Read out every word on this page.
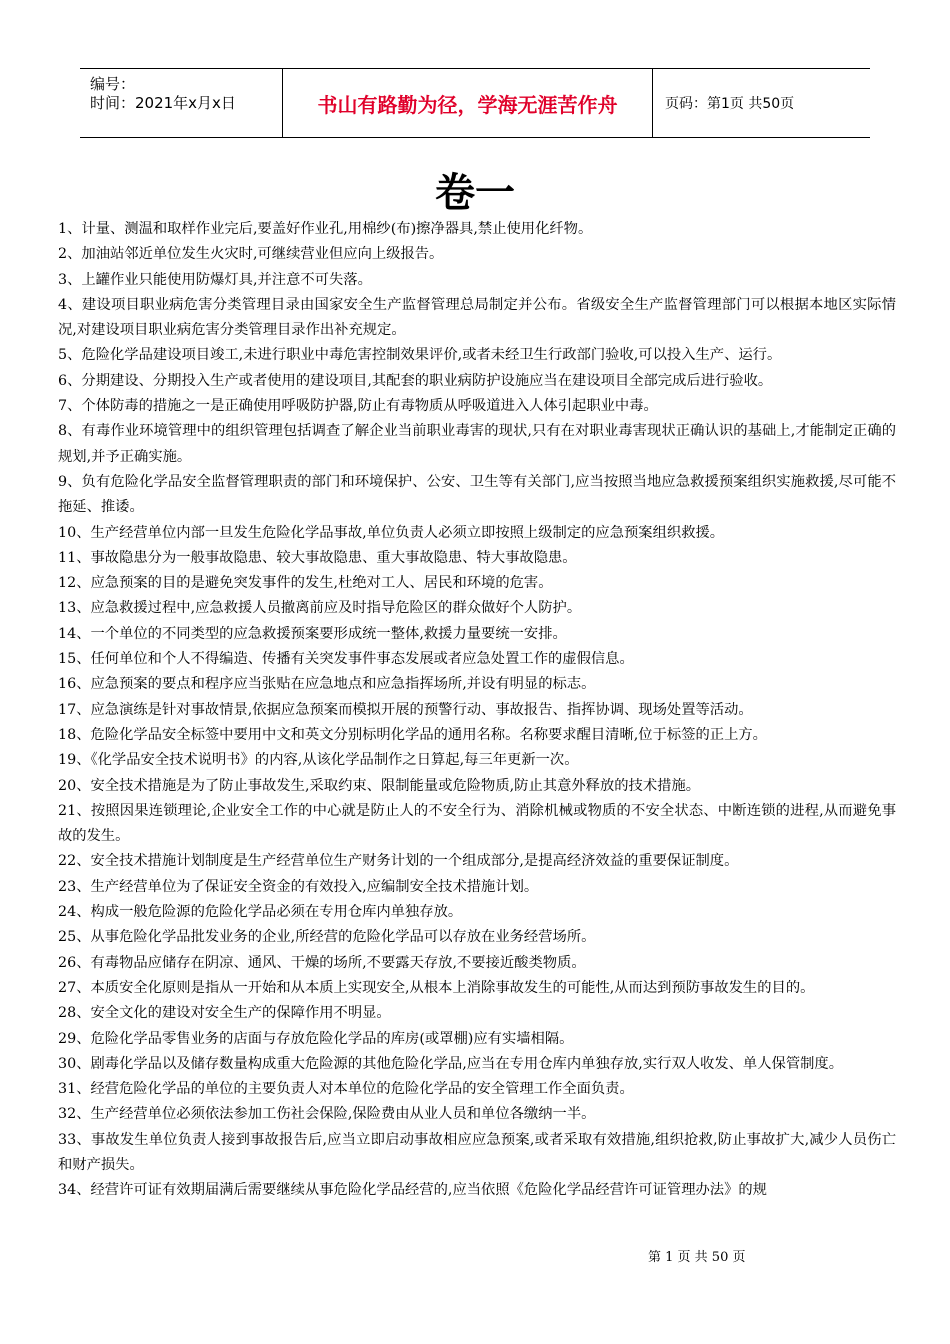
编号：
时间：2021年x月x日	书山有路勤为径，学海无涯苦作舟	页码：第1页 共50页
卷一

1、计量、测温和取样作业完后,要盖好作业孔,用棉纱(布)擦净器具,禁止使用化纤物。

2、加油站邻近单位发生火灾时,可继续营业但应向上级报告。

3、上罐作业只能使用防爆灯具,并注意不可失落。

4、建设项目职业病危害分类管理目录由国家安全生产监督管理总局制定并公布。省级安全生产监督管理部门可以根据本地区实际情况,对建设项目职业病危害分类管理目录作出补充规定。

5、危险化学品建设项目竣工,未进行职业中毒危害控制效果评价,或者未经卫生行政部门验收,可以投入生产、运行。

6、分期建设、分期投入生产或者使用的建设项目,其配套的职业病防护设施应当在建设项目全部完成后进行验收。

7、个体防毒的措施之一是正确使用呼吸防护器,防止有毒物质从呼吸道进入人体引起职业中毒。

8、有毒作业环境管理中的组织管理包括调查了解企业当前职业毒害的现状,只有在对职业毒害现状正确认识的基础上,才能制定正确的规划,并予正确实施。

9、负有危险化学品安全监督管理职责的部门和环境保护、公安、卫生等有关部门,应当按照当地应急救援预案组织实施救援,尽可能不拖延、推诿。

10、生产经营单位内部一旦发生危险化学品事故,单位负责人必须立即按照上级制定的应急预案组织救援。

11、事故隐患分为一般事故隐患、较大事故隐患、重大事故隐患、特大事故隐患。

12、应急预案的目的是避免突发事件的发生,杜绝对工人、居民和环境的危害。

13、应急救援过程中,应急救援人员撤离前应及时指导危险区的群众做好个人防护。

14、一个单位的不同类型的应急救援预案要形成统一整体,救援力量要统一安排。

15、任何单位和个人不得编造、传播有关突发事件事态发展或者应急处置工作的虚假信息。

16、应急预案的要点和程序应当张贴在应急地点和应急指挥场所,并设有明显的标志。

17、应急演练是针对事故情景,依据应急预案而模拟开展的预警行动、事故报告、指挥协调、现场处置等活动。

18、危险化学品安全标签中要用中文和英文分别标明化学品的通用名称。名称要求醒目清晰,位于标签的正上方。

19、《化学品安全技术说明书》的内容,从该化学品制作之日算起,每三年更新一次。

20、安全技术措施是为了防止事故发生,采取约束、限制能量或危险物质,防止其意外释放的技术措施。

21、按照因果连锁理论,企业安全工作的中心就是防止人的不安全行为、消除机械或物质的不安全状态、中断连锁的进程,从而避免事故的发生。

22、安全技术措施计划制度是生产经营单位生产财务计划的一个组成部分,是提高经济效益的重要保证制度。

23、生产经营单位为了保证安全资金的有效投入,应编制安全技术措施计划。

24、构成一般危险源的危险化学品必须在专用仓库内单独存放。

25、从事危险化学品批发业务的企业,所经营的危险化学品可以存放在业务经营场所。

26、有毒物品应储存在阴凉、通风、干燥的场所,不要露天存放,不要接近酸类物质。

27、本质安全化原则是指从一开始和从本质上实现安全,从根本上消除事故发生的可能性,从而达到预防事故发生的目的。

28、安全文化的建设对安全生产的保障作用不明显。

29、危险化学品零售业务的店面与存放危险化学品的库房(或罩棚)应有实墙相隔。

30、剧毒化学品以及储存数量构成重大危险源的其他危险化学品,应当在专用仓库内单独存放,实行双人收发、单人保管制度。

31、经营危险化学品的单位的主要负责人对本单位的危险化学品的安全管理工作全面负责。

32、生产经营单位必须依法参加工伤社会保险,保险费由从业人员和单位各缴纳一半。

33、事故发生单位负责人接到事故报告后,应当立即启动事故相应应急预案,或者采取有效措施,组织抢救,防止事故扩大,减少人员伤亡和财产损失。

34、经营许可证有效期届满后需要继续从事危险化学品经营的,应当依照《危险化学品经营许可证管理办法》的规

第 1 页 共 50 页
